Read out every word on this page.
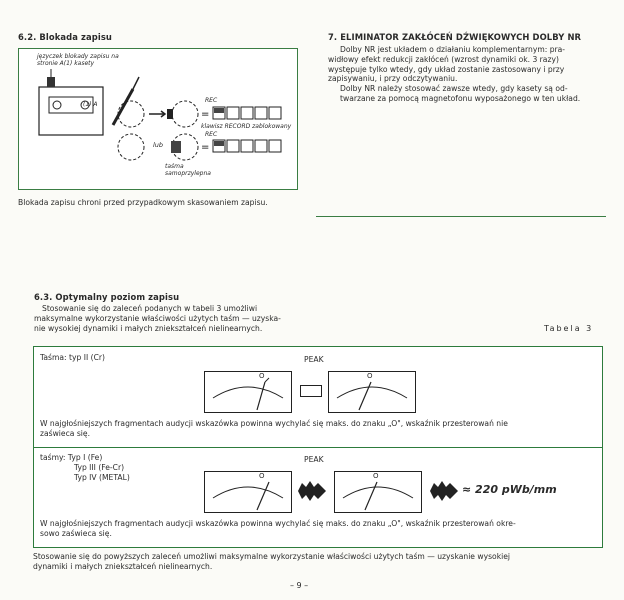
6.2. Blokada zapisu
=
=
języczek blokady zapisu na stronie A(1) kasety
(1) A
REC
klawisz RECORD zablokowany
lub
REC
taśma samoprzylepna
Blokada zapisu chroni przed przypadkowym skasowaniem zapisu.
7. ELIMINATOR ZAKŁÓCEŃ DŹWIĘKOWYCH DOLBY NR
Dolby NR jest układem o działaniu komplementarnym: pra-
widłowy efekt redukcji zakłóceń (wzrost dynamiki ok. 3 razy)
występuje tylko wtedy, gdy układ zostanie zastosowany i przy
zapisywaniu, i przy odczytywaniu.
Dolby NR należy stosować zawsze wtedy, gdy kasety są od-
twarzane za pomocą magnetofonu wyposażonego w ten układ.
6.3. Optymalny poziom zapisu
Stosowanie się do zaleceń podanych w tabeli 3 umożliwi
maksymalne wykorzystanie właściwości użytych taśm — uzyska-
nie wysokiej dynamiki i małych zniekształceń nielinearnych.	Tabela 3
Taśma: typ II (Cr)	PEAK
O	O
W najgłośniejszych fragmentach audycji wskazówka powinna wychylać się maks. do znaku „O", wskaźnik przesterowań nie
zaświeca się.
taśmy: Typ I (Fe)
Typ III (Fe-Cr)
Typ IV (METAL)
PEAK
O	O
≈ 220 pWb/mm
W najgłośniejszych fragmentach audycji wskazówka powinna wychylać się maks. do znaku „O", wskaźnik przesterowań okre-
sowo zaświeca się.
Stosowanie się do powyższych zaleceń umożliwi maksymalne wykorzystanie właściwości użytych taśm — uzyskanie wysokiej
dynamiki i małych zniekształceń nielinearnych.
– 9 –
